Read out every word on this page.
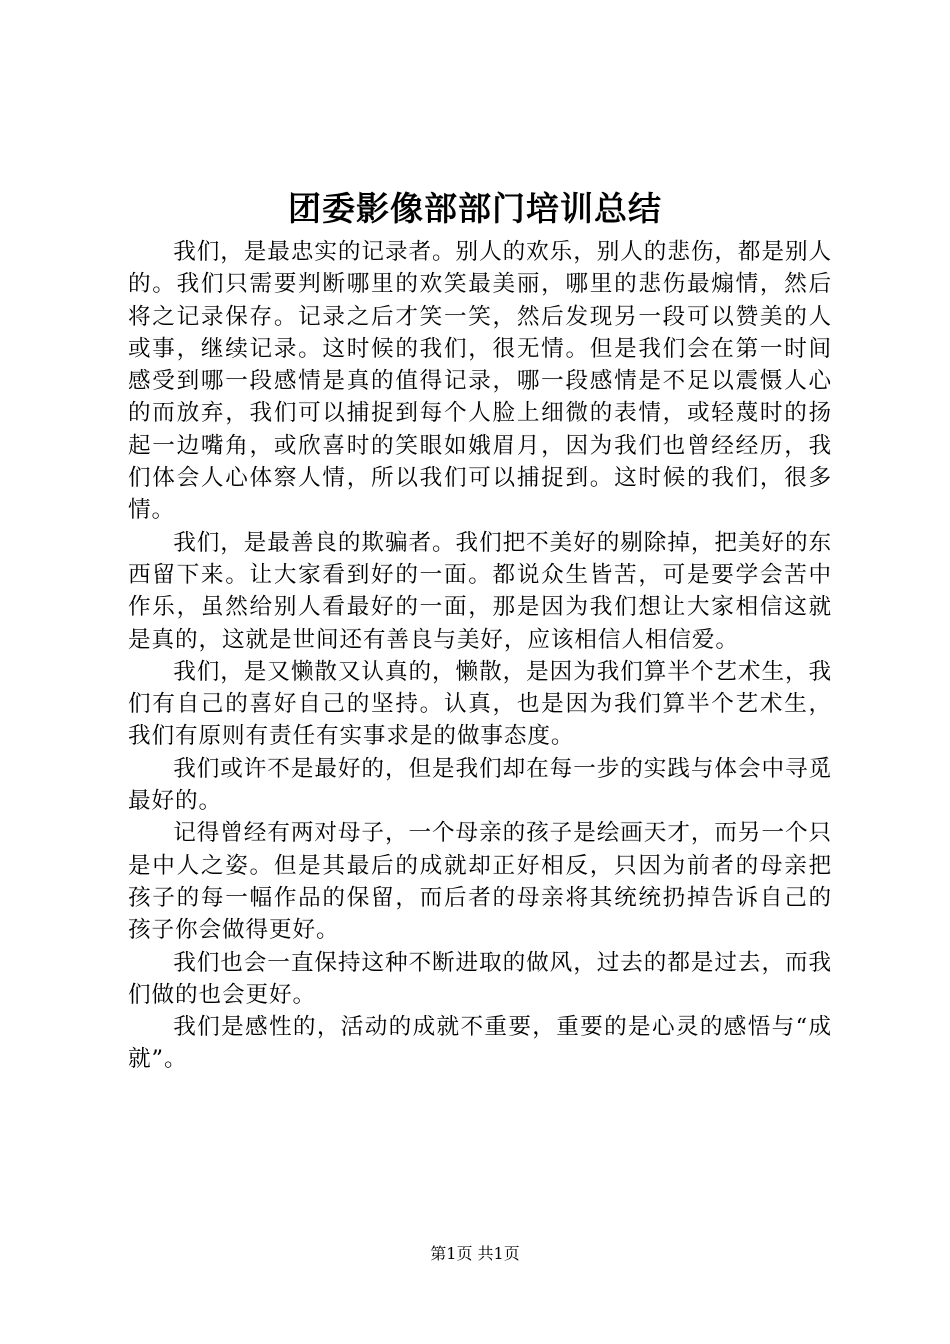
团委影像部部门培训总结

我们，是最忠实的记录者。别人的欢乐，别人的悲伤，都是别人的。我们只需要判断哪里的欢笑最美丽，哪里的悲伤最煽情，然后将之记录保存。记录之后才笑一笑，然后发现另一段可以赞美的人或事，继续记录。这时候的我们，很无情。但是我们会在第一时间感受到哪一段感情是真的值得记录，哪一段感情是不足以震慑人心的而放弃，我们可以捕捉到每个人脸上细微的表情，或轻蔑时的扬起一边嘴角，或欣喜时的笑眼如娥眉月，因为我们也曾经经历，我们体会人心体察人情，所以我们可以捕捉到。这时候的我们，很多情。

我们，是最善良的欺骗者。我们把不美好的剔除掉，把美好的东西留下来。让大家看到好的一面。都说众生皆苦，可是要学会苦中作乐，虽然给别人看最好的一面，那是因为我们想让大家相信这就是真的，这就是世间还有善良与美好，应该相信人相信爱。

我们，是又懒散又认真的，懒散，是因为我们算半个艺术生，我们有自己的喜好自己的坚持。认真，也是因为我们算半个艺术生，我们有原则有责任有实事求是的做事态度。

我们或许不是最好的，但是我们却在每一步的实践与体会中寻觅最好的。

记得曾经有两对母子，一个母亲的孩子是绘画天才，而另一个只是中人之姿。但是其最后的成就却正好相反，只因为前者的母亲把孩子的每一幅作品的保留，而后者的母亲将其统统扔掉告诉自己的孩子你会做得更好。

我们也会一直保持这种不断进取的做风，过去的都是过去，而我们做的也会更好。

我们是感性的，活动的成就不重要，重要的是心灵的感悟与“成就”。

第1页 共1页
